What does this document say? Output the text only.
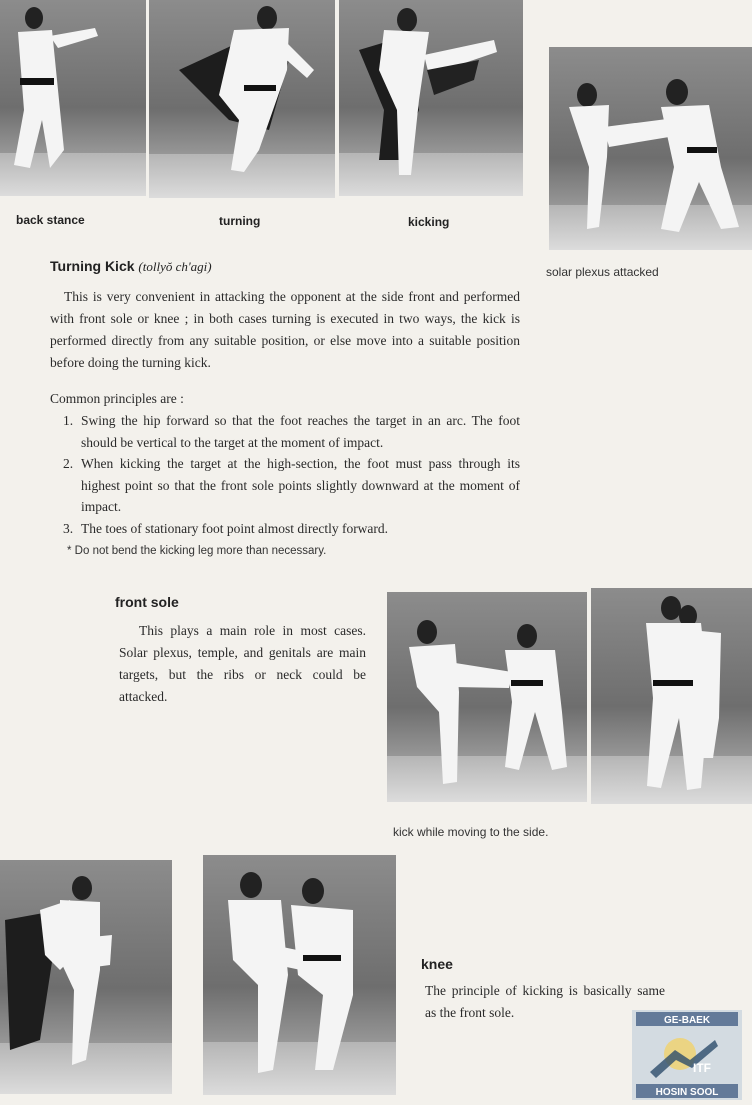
back stance	turning	kicking
solar plexus attacked
Turning Kick (tollyŏ ch'agi)
This is very convenient in attacking the opponent at the side front and performed with front sole or knee ; in both cases turning is executed in two ways, the kick is performed directly from any suitable position, or else move into a suitable position before doing the turning kick.
Common principles are :
1. Swing the hip forward so that the foot reaches the target in an arc. The foot should be vertical to the target at the moment of impact.
2. When kicking the target at the high-section, the foot must pass through its highest point so that the front sole points slightly downward at the moment of impact.
3. The toes of stationary foot point almost directly forward.
* Do not bend the kicking leg more than necessary.
front sole
This plays a main role in most cases. Solar plexus, temple, and genitals are main targets, but the ribs or neck could be attacked.
kick while moving to the side.
knee
The principle of kicking is basically same as the front sole.
GE-BAEK
ITF
HOSIN SOOL
